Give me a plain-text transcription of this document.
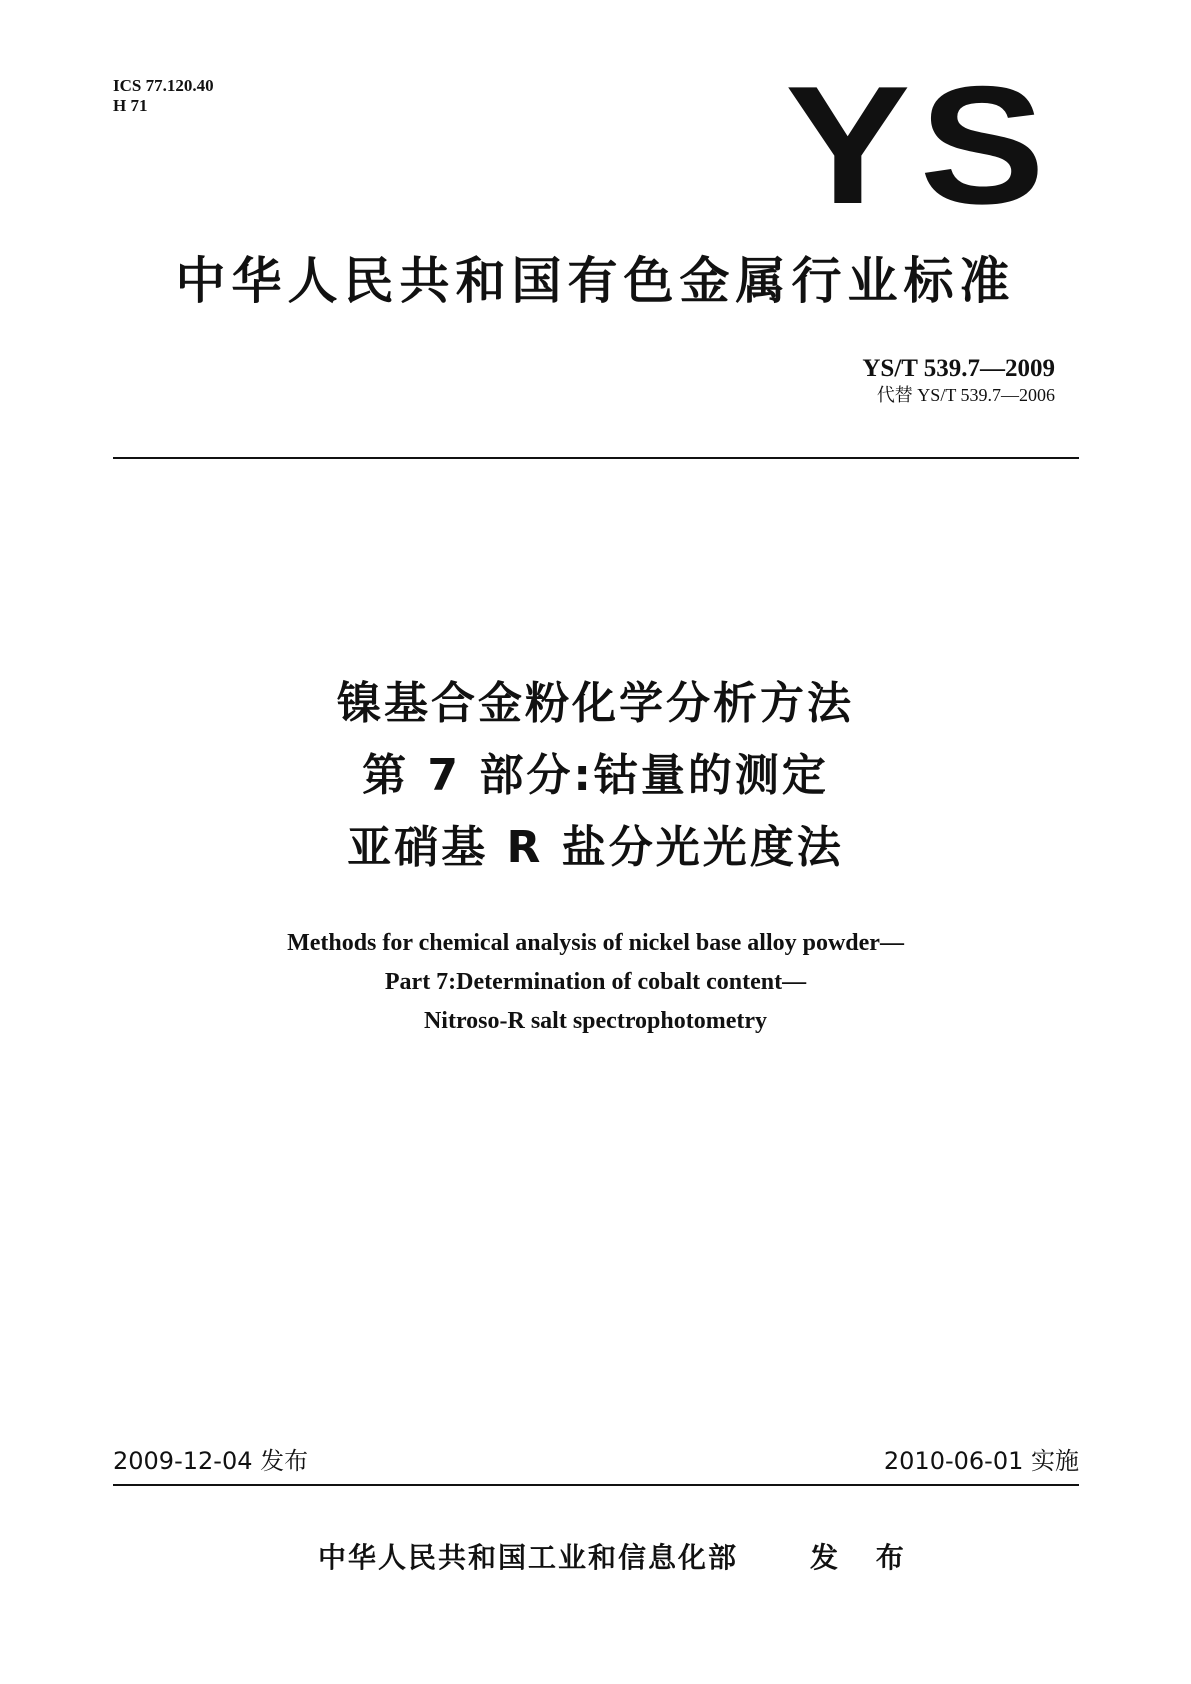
ICS 77.120.40
H 71	YS
中华人民共和国有色金属行业标准
YS/T 539.7—2009
代替 YS/T 539.7—2006
镍基合金粉化学分析方法
第 7 部分:钴量的测定
亚硝基 R 盐分光光度法
Methods for chemical analysis of nickel base alloy powder—
Part 7:Determination of cobalt content—
Nitroso-R salt spectrophotometry
2009-12-04 发布	2010-06-01 实施
中华人民共和国工业和信息化部	发 布
